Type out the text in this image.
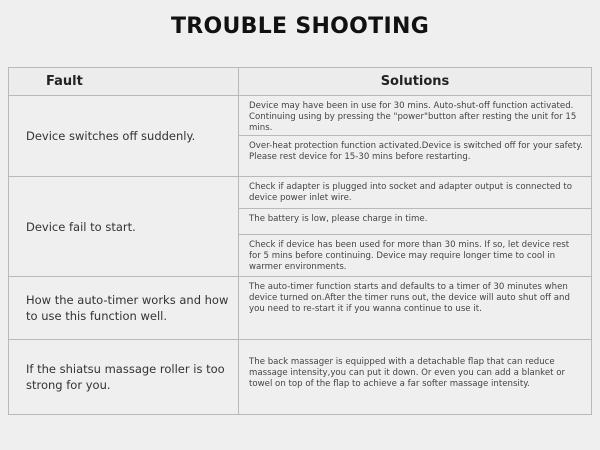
TROUBLE SHOOTING
Fault	Solutions
Device switches off suddenly.	Device may have been in use for 30 mins. Auto-shut-off function activated. Continuing using by pressing the "power"button after resting the unit for 15 mins.
	Over-heat protection function activated.Device is switched off for your safety. Please rest device for 15-30 mins before restarting.
Device fail to start.	Check if adapter is plugged into socket and adapter output is connected to device power inlet wire.
	The battery is low, please charge in time.
	Check if device has been used for more than 30 mins. If so, let device rest for 5 mins before continuing. Device may require longer time to cool in warmer environments.
How the auto-timer works and how to use this function well.	The auto-timer function starts and defaults to a timer of 30 minutes when device turned on.After the timer runs out, the device will auto shut off and you need to re-start it if you wanna continue to use it.
If the shiatsu massage roller is too strong for you.	The back massager is equipped with a detachable flap that can reduce massage intensity,you can put it down. Or even you can add a blanket or towel on top of the flap to achieve a far softer massage intensity.
